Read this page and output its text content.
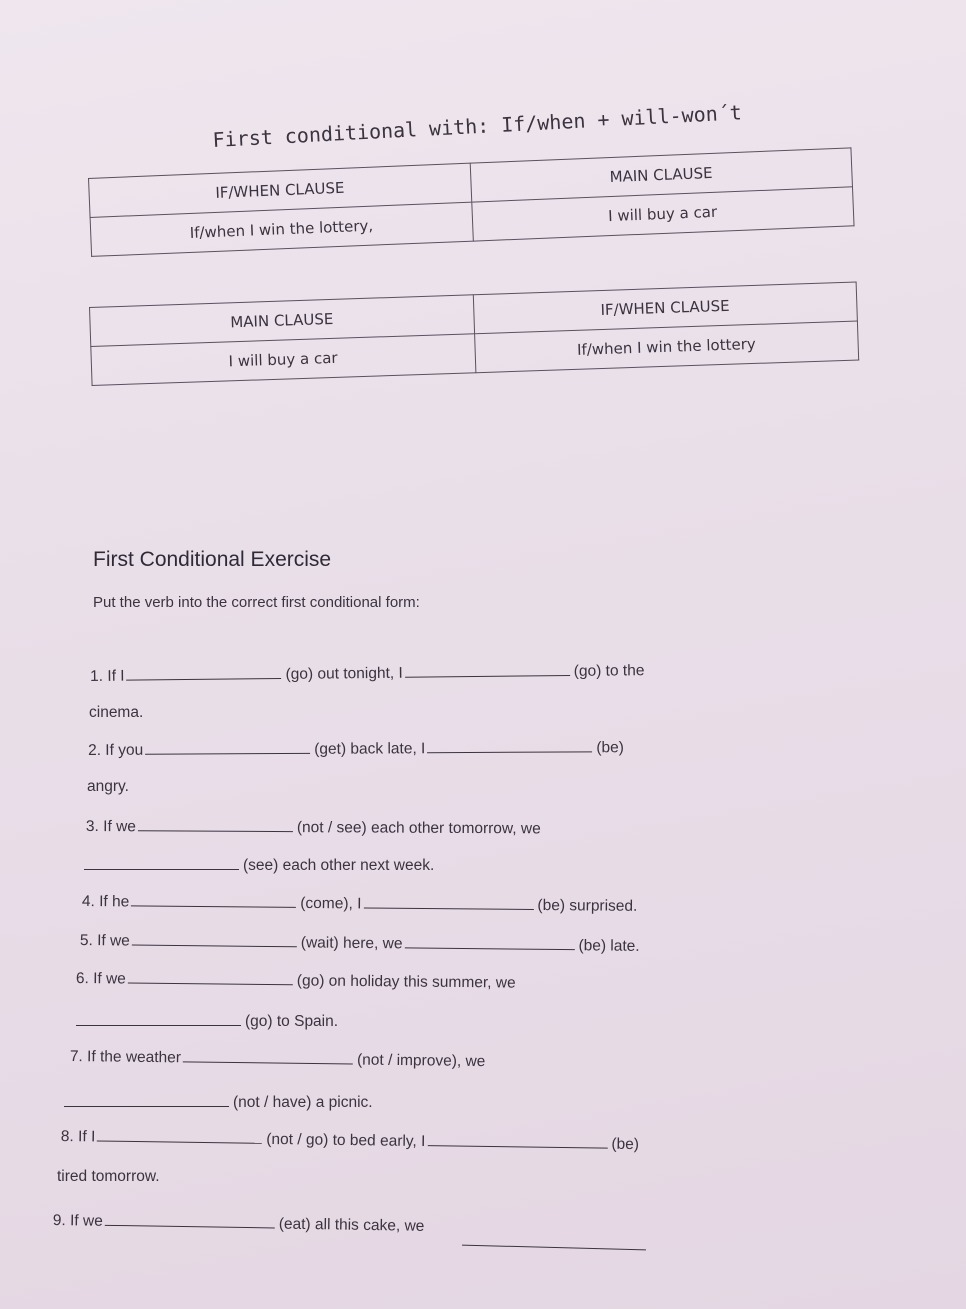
First conditional with: If/when + will-won´t
IF/WHEN CLAUSE	MAIN CLAUSE
If/when I win the lottery,	I will buy a car
MAIN CLAUSE	IF/WHEN CLAUSE
I will buy a car	If/when I win the lottery
First Conditional Exercise
Put the verb into the correct first conditional form:
1. If I	(go) out tonight, I	(go) to the
cinema.
2. If you	(get) back late, I	(be)
angry.
3. If we	(not / see) each other tomorrow, we
(see) each other next week.
4. If he	(come), I	(be) surprised.
5. If we	(wait) here, we	(be) late.
6. If we	(go) on holiday this summer, we
(go) to Spain.
7. If the weather	(not / improve), we
(not / have) a picnic.
8. If I	(not / go) to bed early, I	(be)
tired tomorrow.
9. If we	(eat) all this cake, we
